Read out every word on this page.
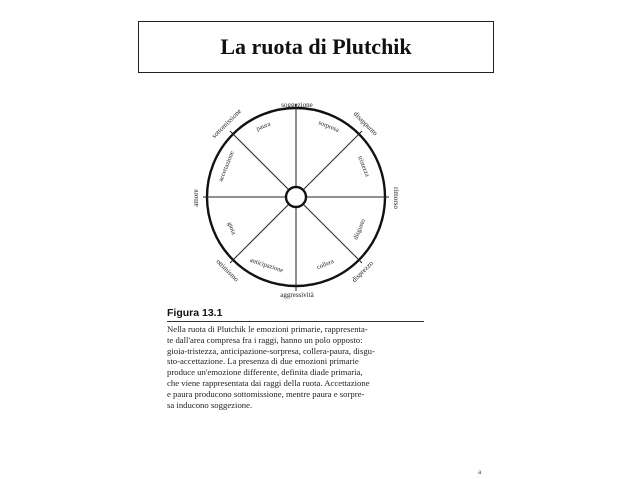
La ruota di Plutchik
soggezione
aggressività
amore	rimorso
disappunto
sottomissione
disprezzo
ottimismo
paura	sorpresa
tristezza
disgusto
collera
anticipazione
gioia
accettazione
Figura 13.1
Nella ruota di Plutchik le emozioni primarie, rappresenta-
te dall'area compresa fra i raggi, hanno un polo opposto:
gioia-tristezza, anticipazione-sorpresa, collera-paura, disgu-
sto-accettazione. La presenza di due emozioni primarie
produce un'emozione differente, definita diade primaria,
che viene rappresentata dai raggi della ruota. Accettazione
e paura producono sottomissione, mentre paura e sorpre-
sa inducono soggezione.
a
